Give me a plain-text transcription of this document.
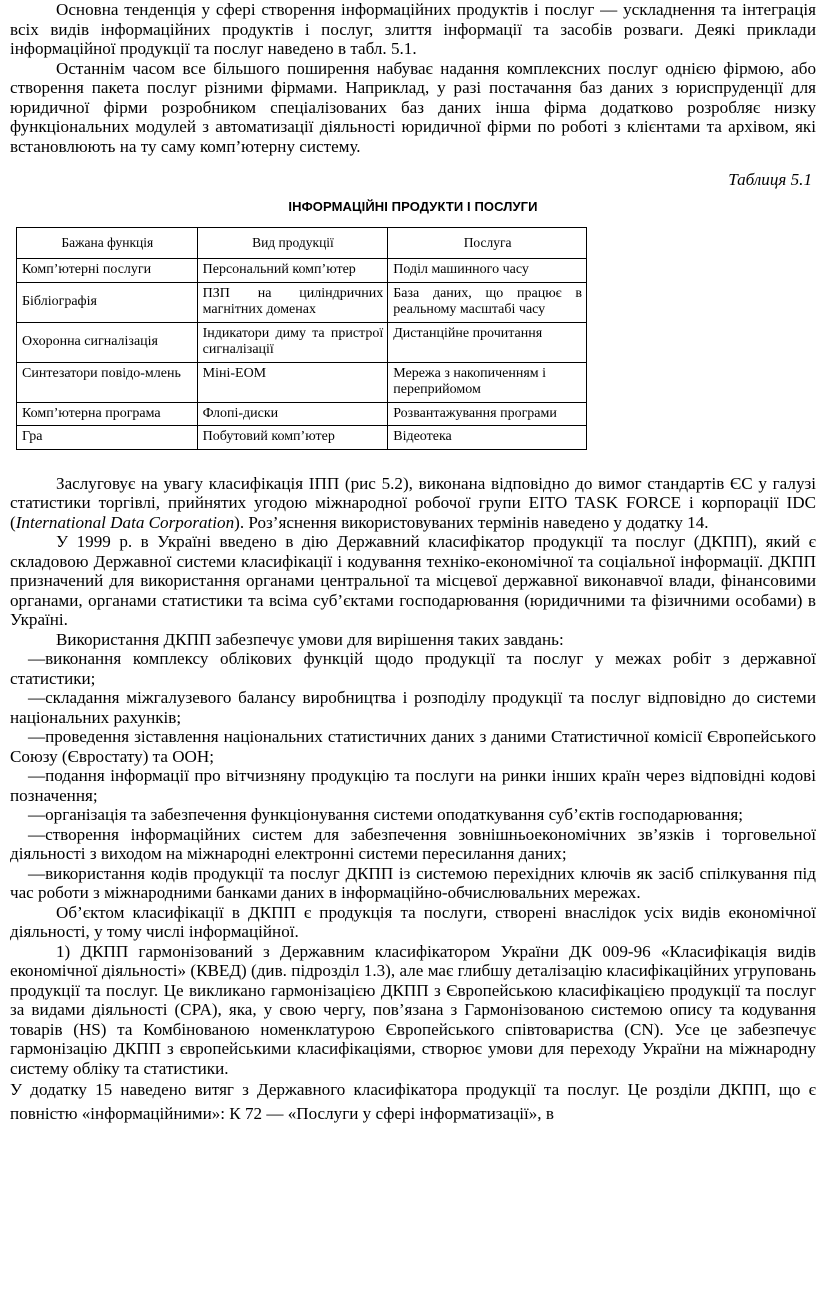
Основна тенденція у сфері створення інформаційних продуктів і послуг — ускладнення та інтеграція всіх видів інформаційних продуктів і послуг, злиття інформації та засобів розваги. Деякі приклади інформаційної продукції та послуг наведено в табл. 5.1.

Останнім часом все більшого поширення набуває надання комплексних послуг однією фірмою, або створення пакета послуг різними фірмами. Наприклад, у разі постачання баз даних з юриспруденції для юридичної фірми розробником спеціалізованих баз даних інша фірма додатково розробляє низку функціональних модулей з автоматизації діяльності юридичної фірми по роботі з клієнтами та архівом, які встановлюють на ту саму комп’ютерну систему.

Таблиця 5.1
ІНФОРМАЦІЙНІ ПРОДУКТИ І ПОСЛУГИ
Бажана функція	Вид продукції	Послуга
Комп’ютерні послуги	Персональний комп’ютер	Поділ машинного часу
Бібліографія	ПЗП на циліндричних магнітних доменах	База даних, що працює в реальному масштабі часу
Охоронна сигналізація	Індикатори диму та пристрої сигналізації	Дистанційне прочитання
Синтезатори повідо-млень	Міні-ЕОМ	Мережа з накопиченням і переприйомом
Комп’ютерна програма	Флопі-диски	Розвантажування програми
Гра	Побутовий комп’ютер	Відеотека

Заслуговує на увагу класифікація ІПП (рис 5.2), виконана відповідно до вимог стандартів ЄС у галузі статистики торгівлі, прийнятих угодою міжнародної робочої групи EITO TASK FORCE і корпорації IDC (International Data Corporation). Роз’яснення використовуваних термінів наведено у додатку 14.

У 1999 р. в Україні введено в дію Державний класифікатор продукції та послуг (ДКПП), який є складовою Державної системи класифікації і кодування техніко-економічної та соціальної інформації. ДКПП призначений для використання органами центральної та місцевої державної виконавчої влади, фінансовими органами, органами статистики та всіма суб’єктами господарювання (юридичними та фізичними особами) в Україні.

Використання ДКПП забезпечує умови для вирішення таких завдань:

—виконання комплексу облікових функцій щодо продукції та послуг у межах робіт з державної статистики;

—складання міжгалузевого балансу виробництва і розподілу продукції та послуг відповідно до системи національних рахунків;

—проведення зіставлення національних статистичних даних з даними Статистичної комісії Європейського Союзу (Євростату) та ООН;

—подання інформації про вітчизняну продукцію та послуги на ринки інших країн через відповідні кодові позначення;

—організація та забезпечення функціонування системи оподаткування суб’єктів господарювання;

—створення інформаційних систем для забезпечення зовнішньоекономічних зв’язків і торговельної діяльності з виходом на міжнародні електронні системи пересилання даних;

—використання кодів продукції та послуг ДКПП із системою перехідних ключів як засіб спілкування під час роботи з міжнародними банками даних в інформаційно-обчислювальних мережах.

Об’єктом класифікації в ДКПП є продукція та послуги, створені внаслідок усіх видів економічної діяльності, у тому числі інформаційної.

1) ДКПП гармонізований з Державним класифікатором України ДК 009-96 «Класифікація видів економічної діяльності» (КВЕД) (див. підрозділ 1.3), але має глибшу деталізацію класифікаційних угруповань продукції та послуг. Це викликано гармонізацією ДКПП з Європейською класифікацією продукції та послуг за видами діяльності (CPA), яка, у свою чергу, пов’язана з Гармонізованою системою опису та кодування товарів (HS) та Комбінованою номенклатурою Європейського співтовариства (CN). Усе це забезпечує гармонізацію ДКПП з європейськими класифікаціями, створює умови для переходу України на міжнародну систему обліку та статистики.

У додатку 15 наведено витяг з Державного класифікатора продукції та послуг. Це розділи ДКПП, що є повністю «інформаційними»: К 72 — «Послуги у сфері інформатизації», в
